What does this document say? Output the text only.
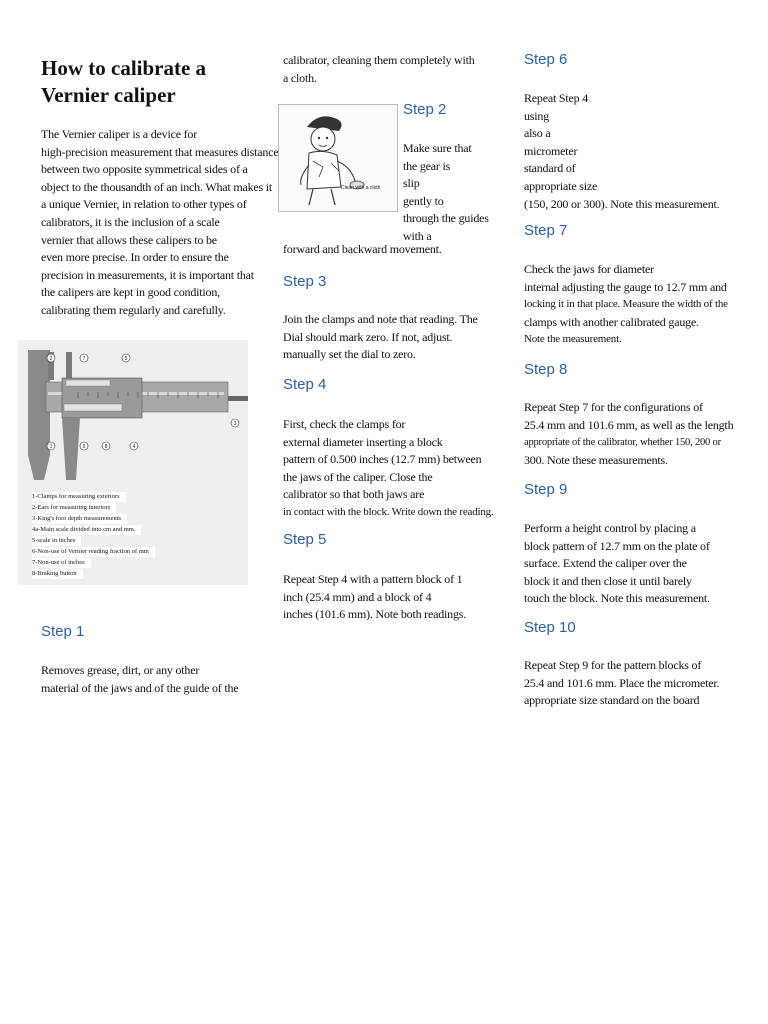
How to calibrate a
Vernier caliper
The Vernier caliper is a device for
high-precision measurement that measures distance
between two opposite symmetrical sides of a
object to the thousandth of an inch. What makes it
a unique Vernier, in relation to other types of
calibrators, it is the inclusion of a scale
vernier that allows these calipers to be
even more precise. In order to ensure the
precision in measurements, it is important that
the calipers are kept in good condition,
calibrating them regularly and carefully.
2	7	5
1	6	8	4
3
1-Clamps for measuring exteriors
2-Ears for measuring interiors
3-King's foot depth measurements
4a-Main scale divided into cm and mm.
5-scale in inches
6-Non-use of Vernier reading fraction of mm
7-Non-use of inches
8-Braking button
Step 1
Removes grease, dirt, or any other
material of the jaws and of the guide of the
calibrator, cleaning them completely with
a cloth.
Clean with a cloth
Step 2
Make sure that
the gear is
slip
gently to
through the guides
with a
forward and backward movement.
Step 3
Join the clamps and note that reading. The
Dial should mark zero. If not, adjust.
manually set the dial to zero.
Step 4
First, check the clamps for
external diameter inserting a block
pattern of 0.500 inches (12.7 mm) between
the jaws of the caliper. Close the
calibrator so that both jaws are
in contact with the block. Write down the reading.
Step 5
Repeat Step 4 with a pattern block of 1
inch (25.4 mm) and a block of 4
inches (101.6 mm). Note both readings.
Step 6
Repeat Step 4
using
also a
micrometer
standard of
appropriate size
(150, 200 or 300). Note this measurement.
Step 7
Check the jaws for diameter
internal adjusting the gauge to 12.7 mm and
locking it in that place. Measure the width of the
clamps with another calibrated gauge.
Note the measurement.
Step 8
Repeat Step 7 for the configurations of
25.4 mm and 101.6 mm, as well as the length
appropriate of the calibrator, whether 150, 200 or
300. Note these measurements.
Step 9
Perform a height control by placing a
block pattern of 12.7 mm on the plate of
surface. Extend the caliper over the
block it and then close it until barely
touch the block. Note this measurement.
Step 10
Repeat Step 9 for the pattern blocks of
25.4 and 101.6 mm. Place the micrometer.
appropriate size standard on the board
